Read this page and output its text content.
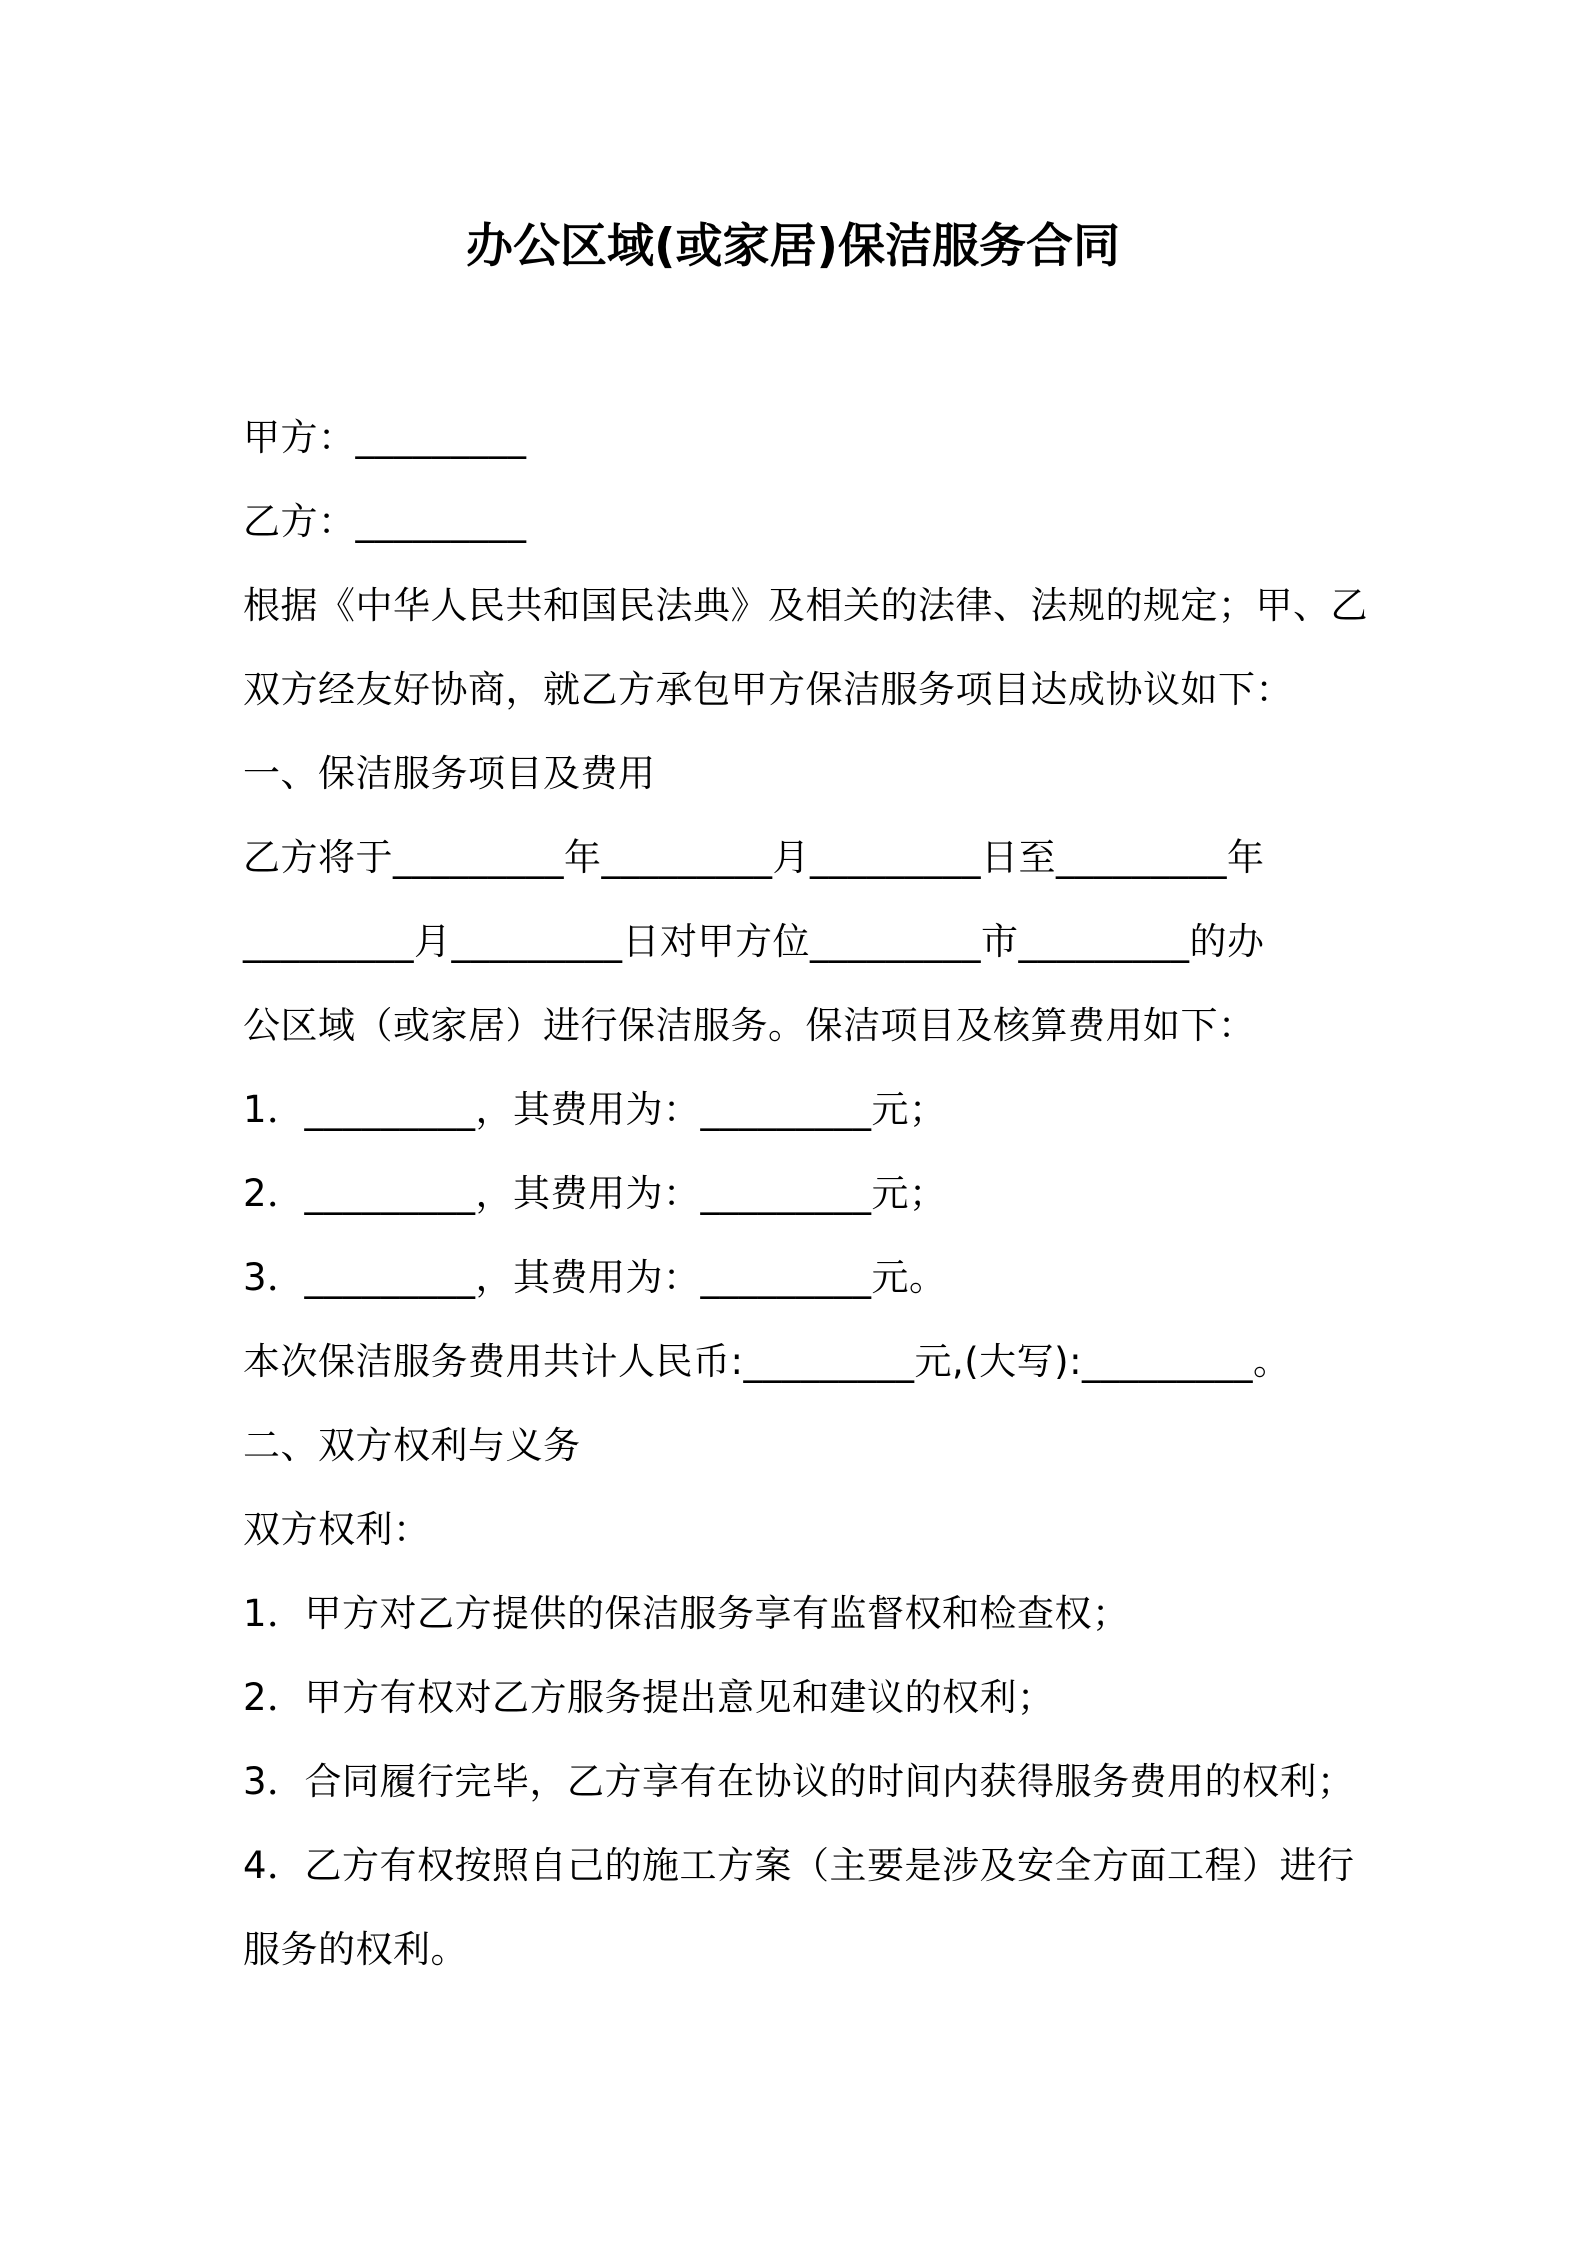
办公区域(或家居)保洁服务合同
甲方：_________
乙方：_________
根据《中华人民共和国民法典》及相关的法律、法规的规定；甲、乙
双方经友好协商，就乙方承包甲方保洁服务项目达成协议如下：
一、保洁服务项目及费用
乙方将于_________年_________月_________日至_________年
_________月_________日对甲方位_________市_________的办
公区域（或家居）进行保洁服务。保洁项目及核算费用如下：
1．_________，其费用为：_________元；
2．_________，其费用为：_________元；
3．_________，其费用为：_________元。
本次保洁服务费用共计人民币:_________元,(大写):_________。
二、双方权利与义务
双方权利：
1．甲方对乙方提供的保洁服务享有监督权和检查权；
2．甲方有权对乙方服务提出意见和建议的权利；
3．合同履行完毕，乙方享有在协议的时间内获得服务费用的权利；
4．乙方有权按照自己的施工方案（主要是涉及安全方面工程）进行
服务的权利。
